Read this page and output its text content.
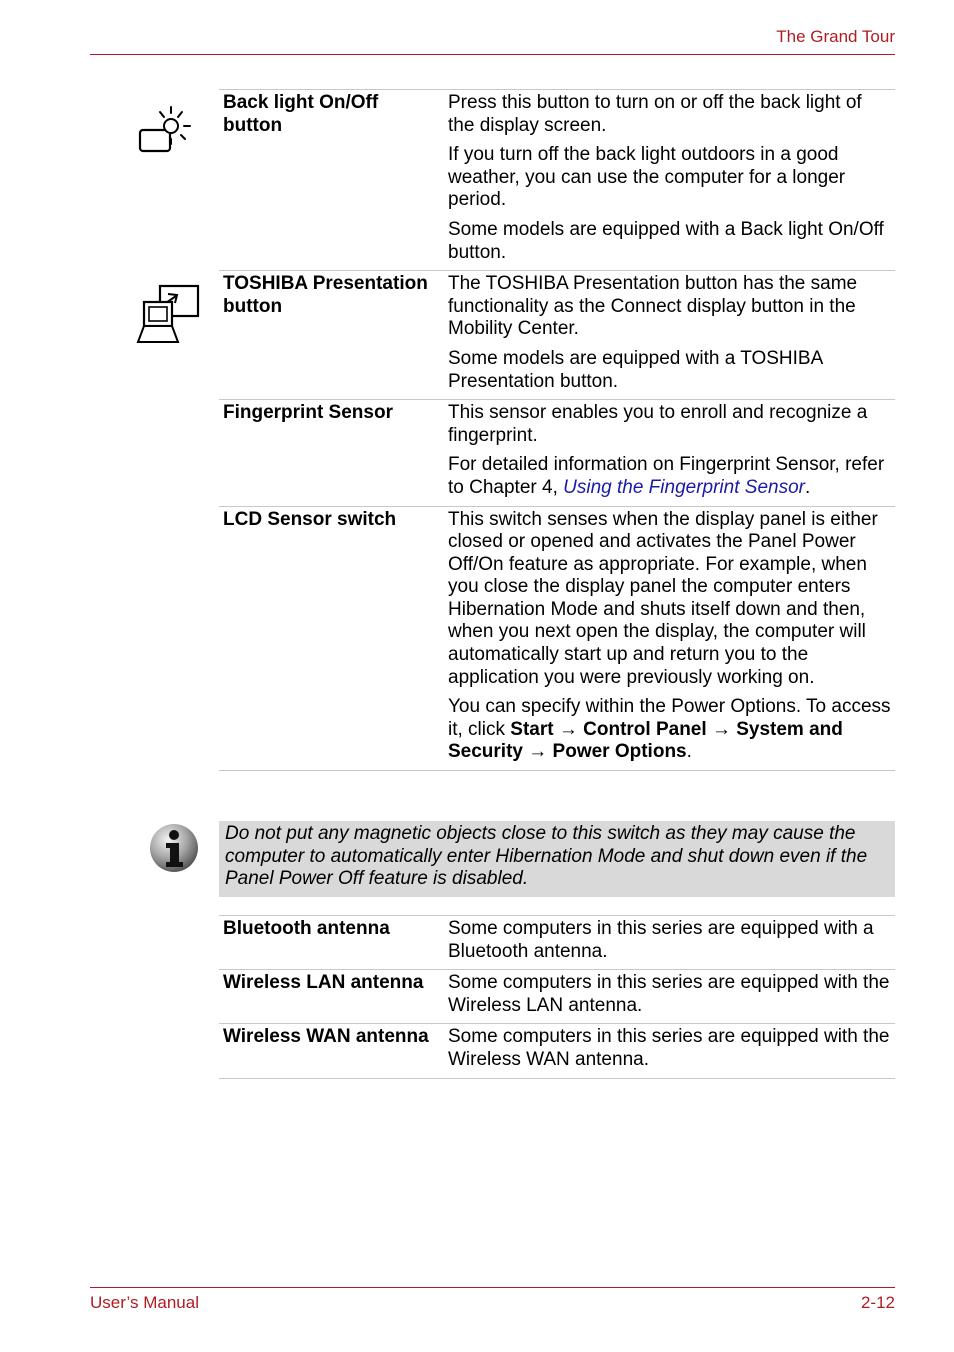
The Grand Tour
Back light On/Off button	Press this button to turn on or off the back light of the display screen.

If you turn off the back light outdoors in a good weather, you can use the computer for a longer period.

Some models are equipped with a Back light On/Off button.

TOSHIBA Presentation button	The TOSHIBA Presentation button has the same functionality as the Connect display button in the Mobility Center.

Some models are equipped with a TOSHIBA Presentation button.

Fingerprint Sensor	This sensor enables you to enroll and recognize a fingerprint.

For detailed information on Fingerprint Sensor, refer to Chapter 4, Using the Fingerprint Sensor.

LCD Sensor switch	This switch senses when the display panel is either closed or opened and activates the Panel Power Off/On feature as appropriate. For example, when you close the display panel the computer enters Hibernation Mode and shuts itself down and then, when you next open the display, the computer will automatically start up and return you to the application you were previously working on.

You can specify within the Power Options. To access it, click Start → Control Panel → System and Security → Power Options.

Do not put any magnetic objects close to this switch as they may cause the computer to automatically enter Hibernation Mode and shut down even if the Panel Power Off feature is disabled.
Bluetooth antenna	Some computers in this series are equipped with a Bluetooth antenna.
Wireless LAN antenna	Some computers in this series are equipped with the Wireless LAN antenna.
Wireless WAN antenna	Some computers in this series are equipped with the Wireless WAN antenna.
User’s Manual	2-12
